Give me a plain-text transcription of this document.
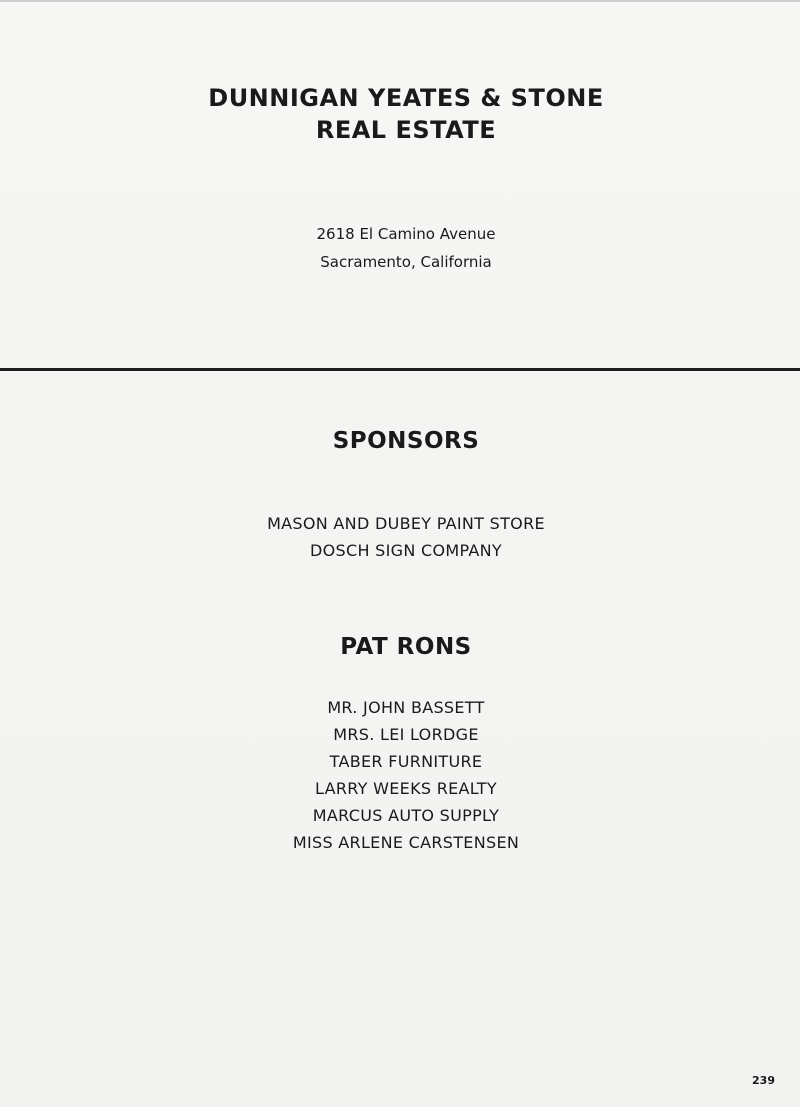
DUNNIGAN YEATES & STONE
REAL ESTATE
2618 El Camino Avenue
Sacramento, California
SPONSORS
MASON AND DUBEY PAINT STORE
DOSCH SIGN COMPANY
PAT RONS
MR. JOHN BASSETT
MRS. LEI LORDGE
TABER FURNITURE
LARRY WEEKS REALTY
MARCUS AUTO SUPPLY
MISS ARLENE CARSTENSEN
239
